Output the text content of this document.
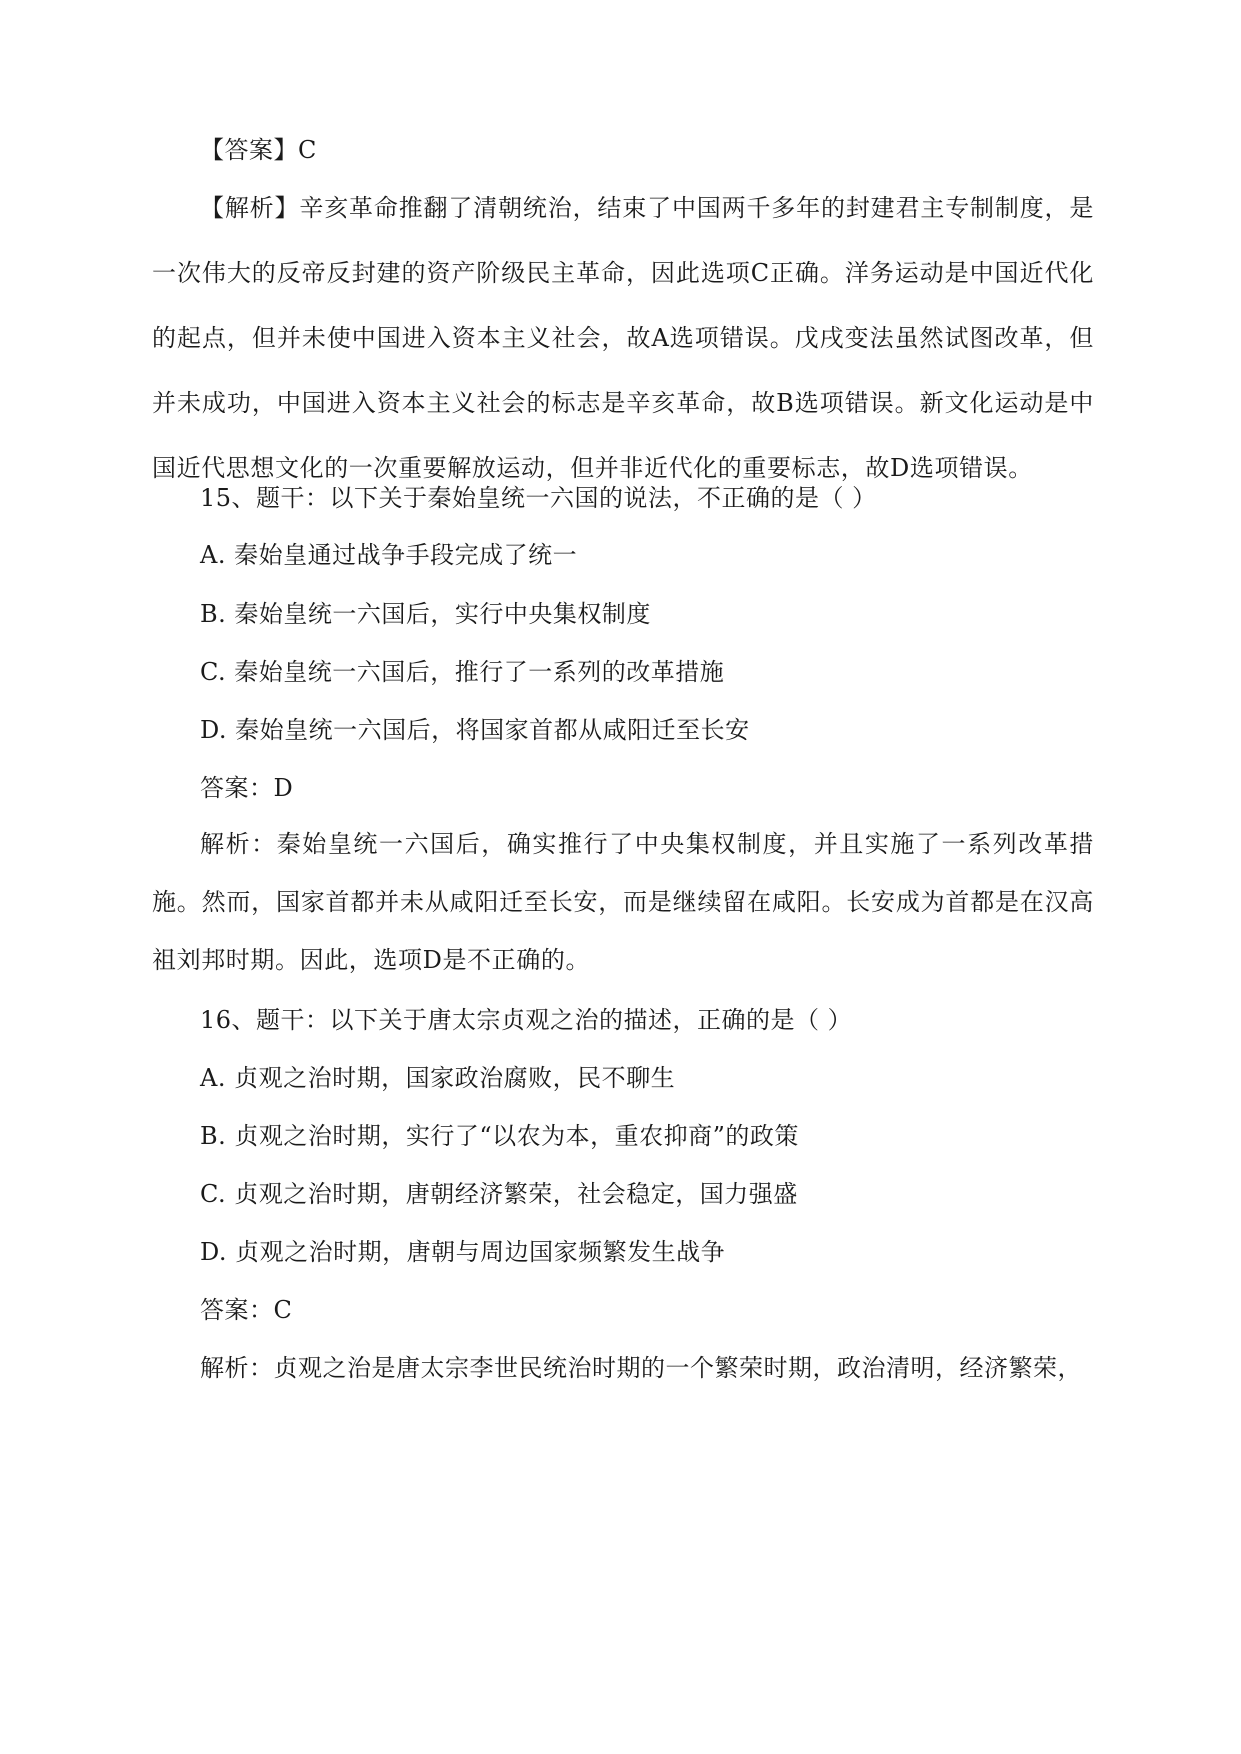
【答案】C
【解析】辛亥革命推翻了清朝统治，结束了中国两千多年的封建君主专制制度，是一次伟大的反帝反封建的资产阶级民主革命，因此选项C正确。洋务运动是中国近代化的起点，但并未使中国进入资本主义社会，故A选项错误。戊戌变法虽然试图改革，但并未成功，中国进入资本主义社会的标志是辛亥革命，故B选项错误。新文化运动是中国近代思想文化的一次重要解放运动，但并非近代化的重要标志，故D选项错误。
15、题干：以下关于秦始皇统一六国的说法，不正确的是（ ）
A. 秦始皇通过战争手段完成了统一
B. 秦始皇统一六国后，实行中央集权制度
C. 秦始皇统一六国后，推行了一系列的改革措施
D. 秦始皇统一六国后，将国家首都从咸阳迁至长安
答案：D
解析：秦始皇统一六国后，确实推行了中央集权制度，并且实施了一系列改革措施。然而，国家首都并未从咸阳迁至长安，而是继续留在咸阳。长安成为首都是在汉高祖刘邦时期。因此，选项D是不正确的。
16、题干：以下关于唐太宗贞观之治的描述，正确的是（ ）
A. 贞观之治时期，国家政治腐败，民不聊生
B. 贞观之治时期，实行了“以农为本，重农抑商”的政策
C. 贞观之治时期，唐朝经济繁荣，社会稳定，国力强盛
D. 贞观之治时期，唐朝与周边国家频繁发生战争
答案：C
解析：贞观之治是唐太宗李世民统治时期的一个繁荣时期，政治清明，经济繁荣，
